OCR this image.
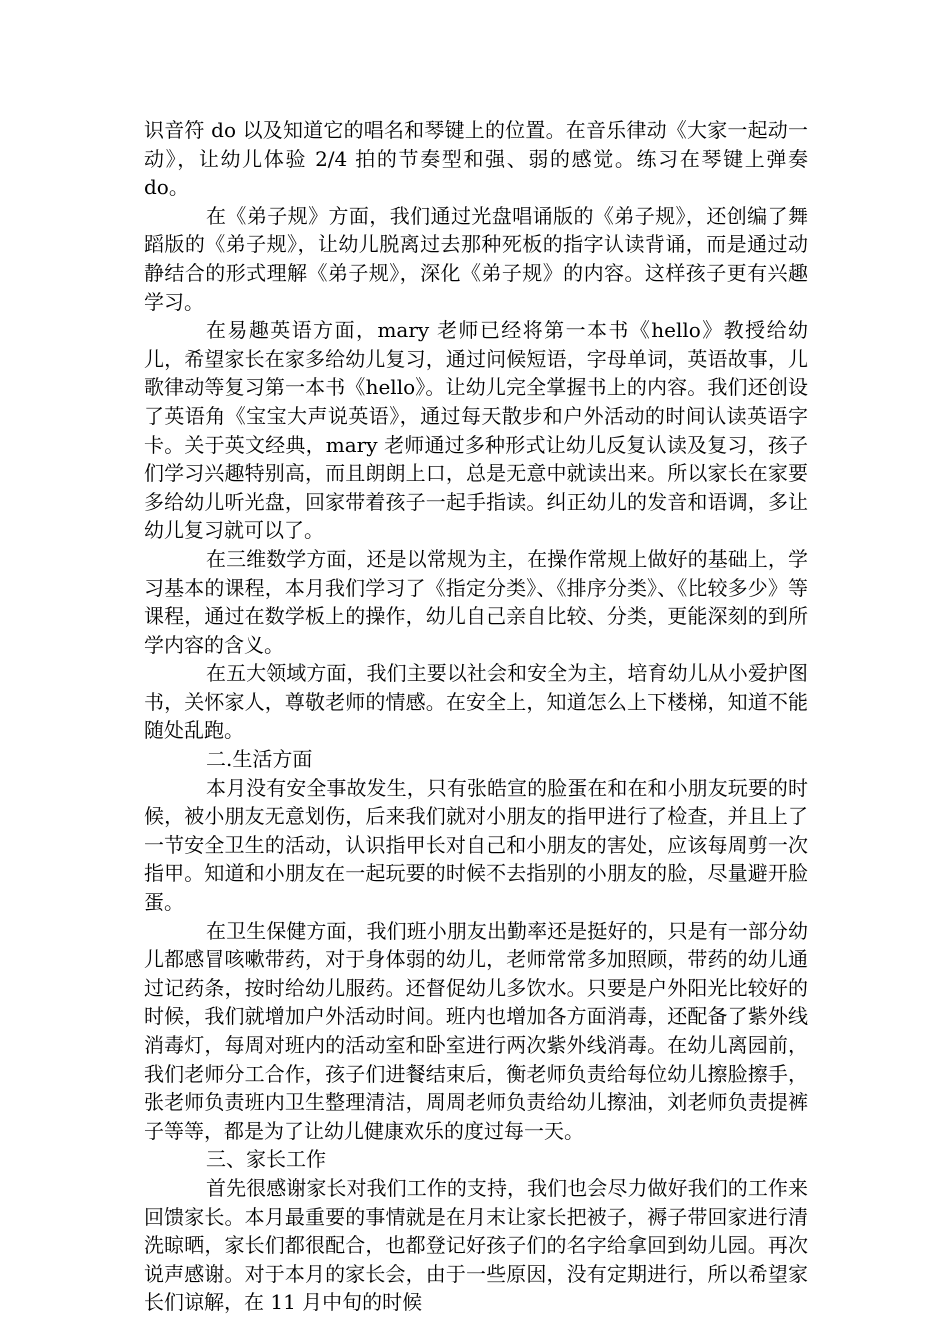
识音符 do 以及知道它的唱名和琴键上的位置。在音乐律动《大家一起动一动》，让幼儿体验 2/4 拍的节奏型和强、弱的感觉。练习在琴键上弹奏 do。

在《弟子规》方面，我们通过光盘唱诵版的《弟子规》，还创编了舞蹈版的《弟子规》，让幼儿脱离过去那种死板的指字认读背诵，而是通过动静结合的形式理解《弟子规》，深化《弟子规》的内容。这样孩子更有兴趣学习。

在易趣英语方面，mary 老师已经将第一本书《hello》教授给幼儿，希望家长在家多给幼儿复习，通过问候短语，字母单词，英语故事，儿歌律动等复习第一本书《hello》。让幼儿完全掌握书上的内容。我们还创设了英语角《宝宝大声说英语》，通过每天散步和户外活动的时间认读英语字卡。关于英文经典，mary 老师通过多种形式让幼儿反复认读及复习，孩子们学习兴趣特别高，而且朗朗上口，总是无意中就读出来。所以家长在家要多给幼儿听光盘，回家带着孩子一起手指读。纠正幼儿的发音和语调，多让幼儿复习就可以了。

在三维数学方面，还是以常规为主，在操作常规上做好的基础上，学习基本的课程，本月我们学习了《指定分类》、《排序分类》、《比较多少》等课程，通过在数学板上的操作，幼儿自己亲自比较、分类，更能深刻的到所学内容的含义。

在五大领域方面，我们主要以社会和安全为主，培育幼儿从小爱护图书，关怀家人，尊敬老师的情感。在安全上，知道怎么上下楼梯，知道不能随处乱跑。

二.生活方面

本月没有安全事故发生，只有张皓宣的脸蛋在和在和小朋友玩要的时候，被小朋友无意划伤，后来我们就对小朋友的指甲进行了检查，并且上了一节安全卫生的活动，认识指甲长对自己和小朋友的害处，应该每周剪一次指甲。知道和小朋友在一起玩要的时候不去指别的小朋友的脸，尽量避开脸蛋。

在卫生保健方面，我们班小朋友出勤率还是挺好的，只是有一部分幼儿都感冒咳嗽带药，对于身体弱的幼儿，老师常常多加照顾，带药的幼儿通过记药条，按时给幼儿服药。还督促幼儿多饮水。只要是户外阳光比较好的时候，我们就增加户外活动时间。班内也增加各方面消毒，还配备了紫外线消毒灯，每周对班内的活动室和卧室进行两次紫外线消毒。在幼儿离园前，我们老师分工合作，孩子们进餐结束后，衡老师负责给每位幼儿擦脸擦手，张老师负责班内卫生整理清洁，周周老师负责给幼儿擦油，刘老师负责提裤子等等，都是为了让幼儿健康欢乐的度过每一天。

三、家长工作

首先很感谢家长对我们工作的支持，我们也会尽力做好我们的工作来回馈家长。本月最重要的事情就是在月末让家长把被子，褥子带回家进行清洗晾晒，家长们都很配合，也都登记好孩子们的名字给拿回到幼儿园。再次说声感谢。对于本月的家长会，由于一些原因，没有定期进行，所以希望家长们谅解，在 11 月中旬的时候
